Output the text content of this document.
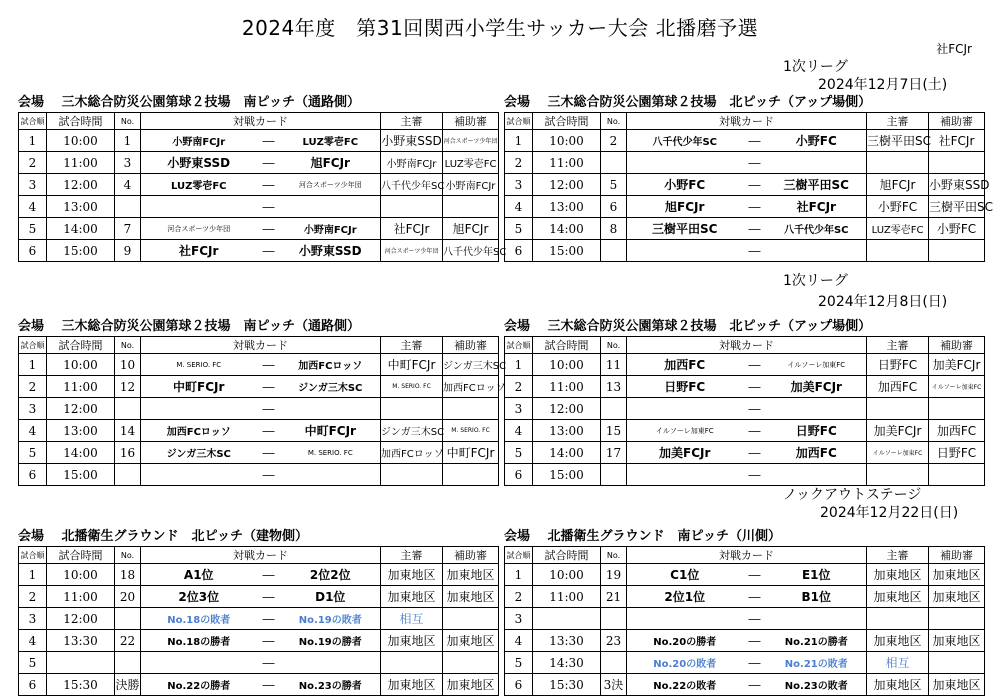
2024年度　第31回関西小学生サッカー大会 北播磨予選
社FCJr
1次リーグ
2024年12月7日(土)
会場　 三木総合防災公園第球２技場　南ピッチ（通路側）
試合順	試合時間	No.	対戦カード			主審	補助審
1	10:00	1	小野南FCJr	―	LUZ零壱FC	小野東SSD	河合スポーツ少年団
2	11:00	3	小野東SSD	―	旭FCJr	小野南FCJr	LUZ零壱FC
3	12:00	4	LUZ零壱FC	―	河合スポーツ少年団	八千代少年SC	小野南FCJr
4	13:00			―			
5	14:00	7	河合スポーツ少年団	―	小野南FCJr	社FCJr	旭FCJr
6	15:00	9	社FCJr	―	小野東SSD	河合スポーツ少年団	八千代少年SC
会場　 三木総合防災公園第球２技場　北ピッチ（アップ場側）
試合順	試合時間	No.	対戦カード			主審	補助審
1	10:00	2	八千代少年SC	―	小野FC	三樹平田SC	社FCJr
2	11:00			―			
3	12:00	5	小野FC	―	三樹平田SC	旭FCJr	小野東SSD
4	13:00	6	旭FCJr	―	社FCJr	小野FC	三樹平田SC
5	14:00	8	三樹平田SC	―	八千代少年SC	LUZ零壱FC	小野FC
6	15:00			―			
1次リーグ
2024年12月8日(日)
会場　 三木総合防災公園第球２技場　南ピッチ（通路側）
試合順	試合時間	No.	対戦カード			主審	補助審
1	10:00	10	M. SERIO. FC	―	加西FCロッソ	中町FCJr	ジンガ三木SC
2	11:00	12	中町FCJr	―	ジンガ三木SC	M. SERIO. FC	加西FCロッソ
3	12:00			―			
4	13:00	14	加西FCロッソ	―	中町FCJr	ジンガ三木SC	M. SERIO. FC
5	14:00	16	ジンガ三木SC	―	M. SERIO. FC	加西FCロッソ	中町FCJr
6	15:00			―			
会場　 三木総合防災公園第球２技場　北ピッチ（アップ場側）
試合順	試合時間	No.	対戦カード			主審	補助審
1	10:00	11	加西FC	―	イルソーレ加東FC	日野FC	加美FCJr
2	11:00	13	日野FC	―	加美FCJr	加西FC	イルソーレ加東FC
3	12:00			―			
4	13:00	15	イルソーレ加東FC	―	日野FC	加美FCJr	加西FC
5	14:00	17	加美FCJr	―	加西FC	イルソーレ加東FC	日野FC
6	15:00			―			
ノックアウトステージ
2024年12月22日(日)
会場　 北播衛生グラウンド　北ピッチ（建物側）
試合順	試合時間	No.	対戦カード			主審	補助審
1	10:00	18	A1位	―	2位2位	加東地区	加東地区
2	11:00	20	2位3位	―	D1位	加東地区	加東地区
3	12:00		No.18の敗者	―	No.19の敗者	相互	
4	13:30	22	No.18の勝者	―	No.19の勝者	加東地区	加東地区
5				―			
6	15:30	決勝	No.22の勝者	―	No.23の勝者	加東地区	加東地区
会場　 北播衛生グラウンド　南ピッチ（川側）
試合順	試合時間	No.	対戦カード			主審	補助審
1	10:00	19	C1位	―	E1位	加東地区	加東地区
2	11:00	21	2位1位	―	B1位	加東地区	加東地区
3				―			
4	13:30	23	No.20の勝者	―	No.21の勝者	加東地区	加東地区
5	14:30		No.20の敗者	―	No.21の敗者	相互	
6	15:30	3決	No.22の敗者	―	No.23の敗者	加東地区	加東地区
